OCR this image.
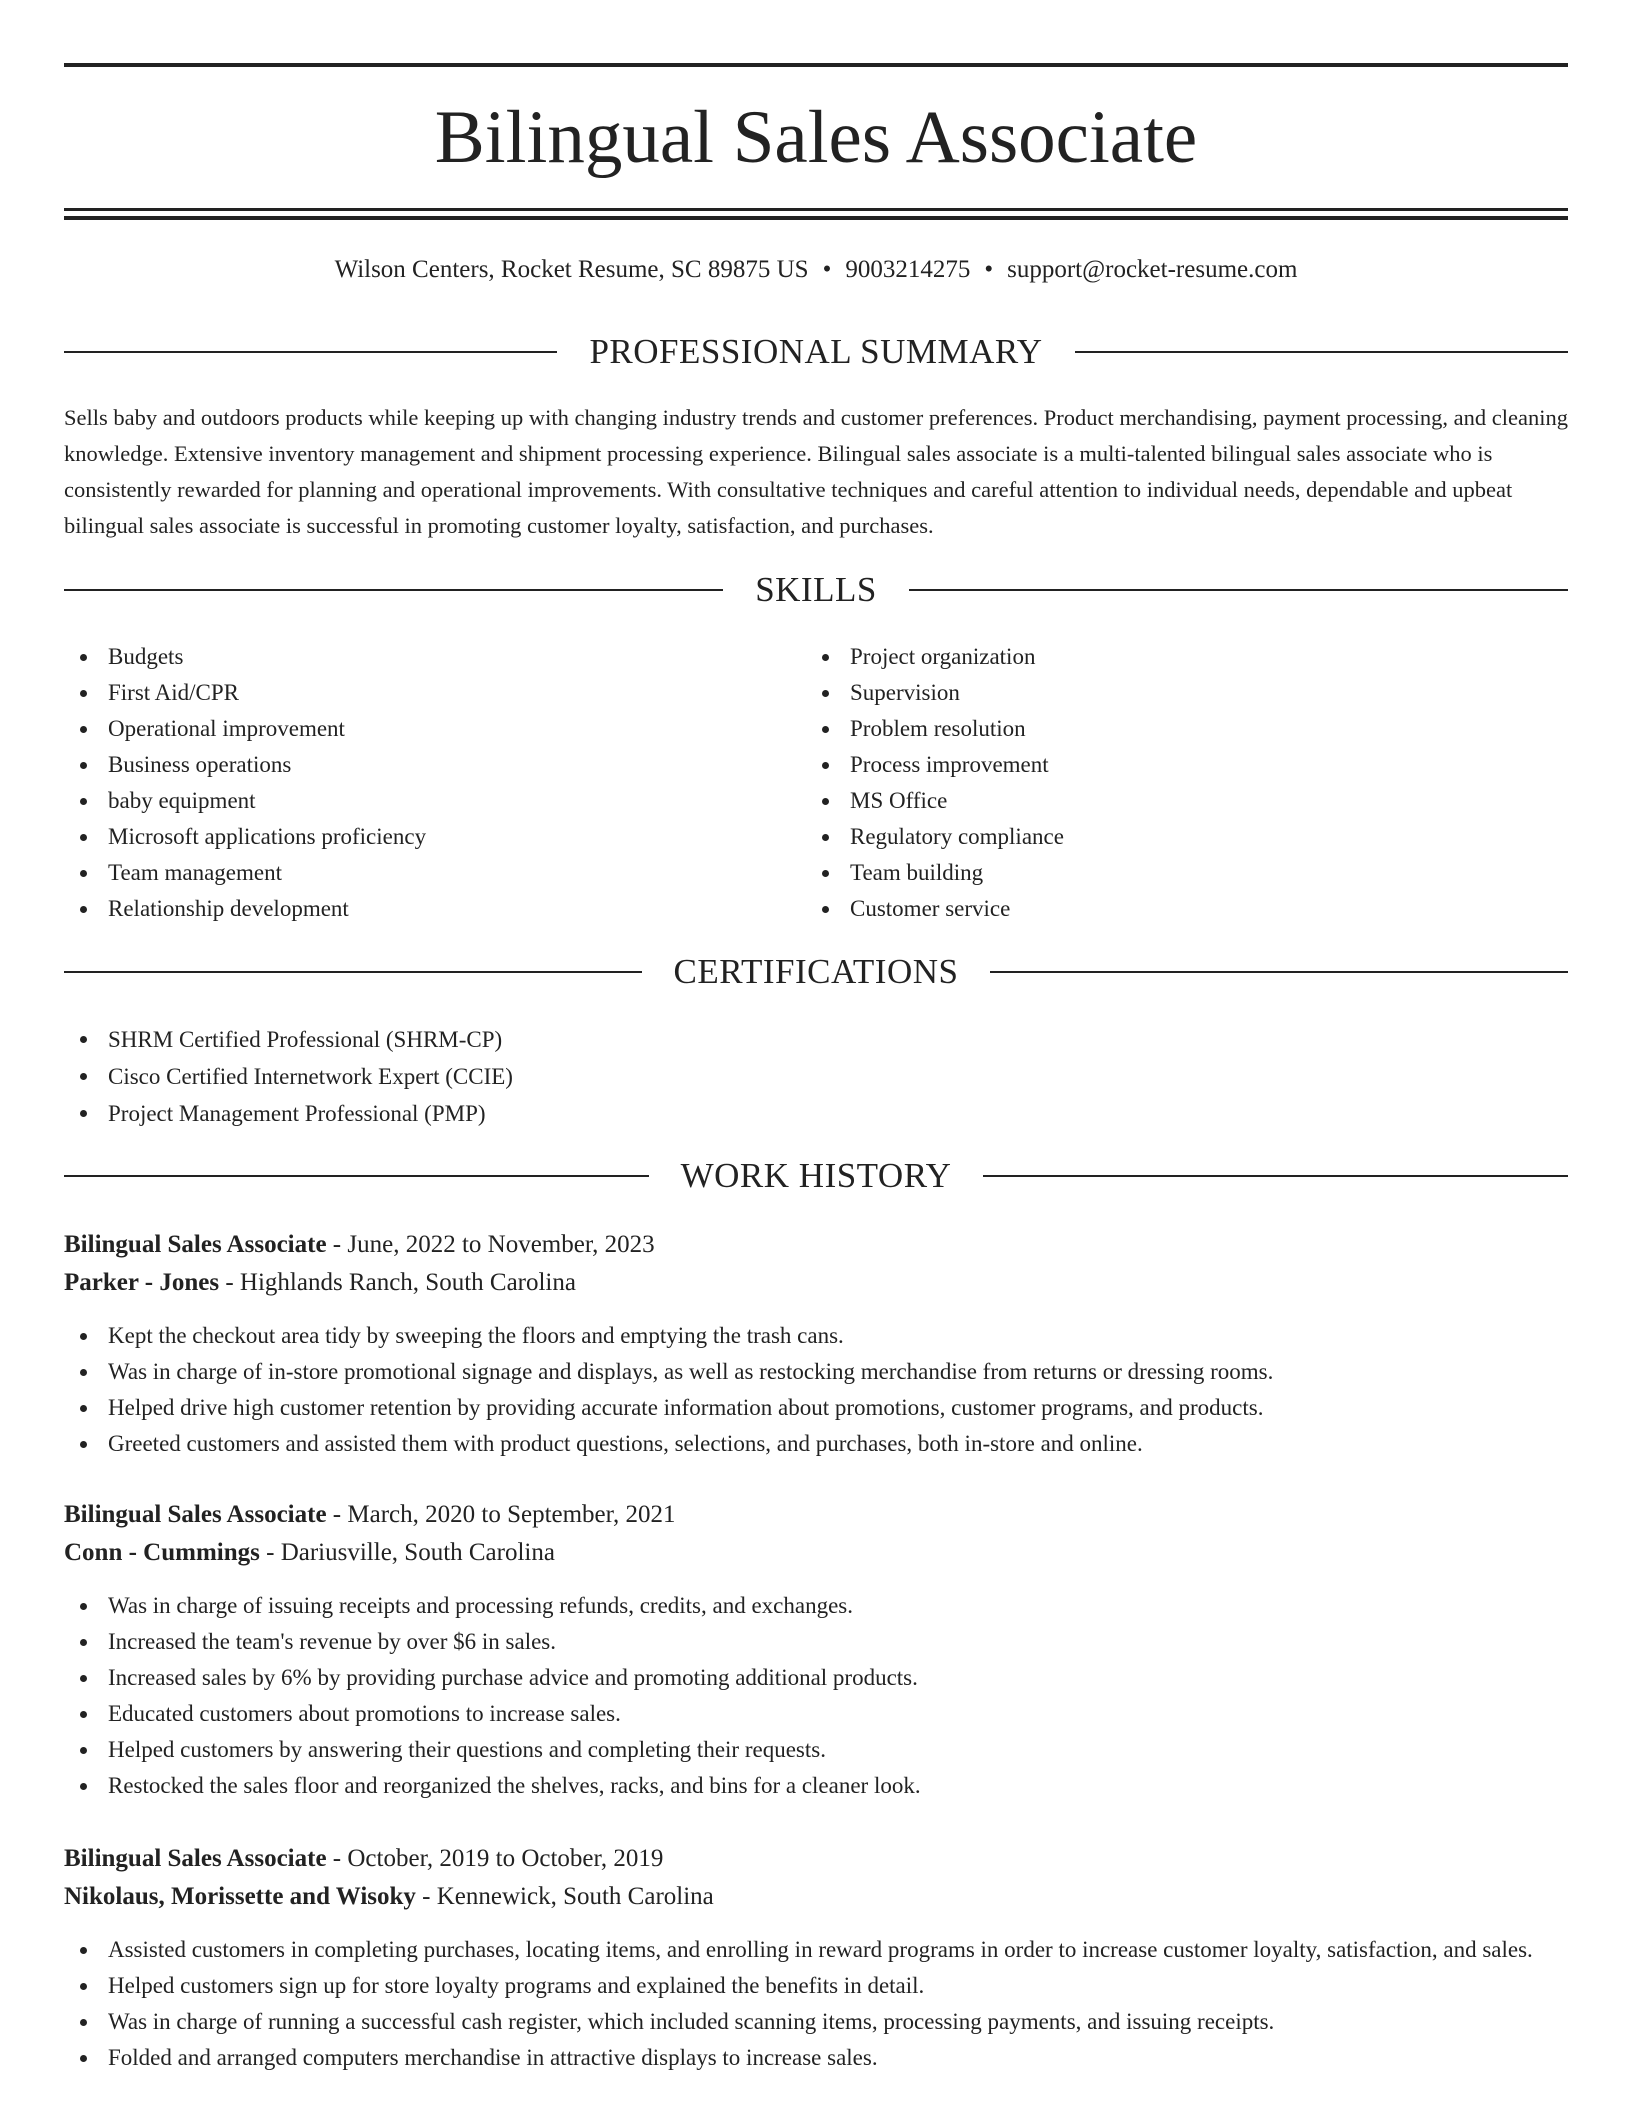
Bilingual Sales Associate
Wilson Centers, Rocket Resume, SC 89875 US • 9003214275 • support@rocket-resume.com
PROFESSIONAL SUMMARY

Sells baby and outdoors products while keeping up with changing industry trends and customer preferences. Product merchandising, payment processing, and cleaning knowledge. Extensive inventory management and shipment processing experience. Bilingual sales associate is a multi-talented bilingual sales associate who is consistently rewarded for planning and operational improvements. With consultative techniques and careful attention to individual needs, dependable and upbeat bilingual sales associate is successful in promoting customer loyalty, satisfaction, and purchases.

SKILLS
Budgets
First Aid/CPR
Operational improvement
Business operations
baby equipment
Microsoft applications proficiency
Team management
Relationship development
Project organization
Supervision
Problem resolution
Process improvement
MS Office
Regulatory compliance
Team building
Customer service
CERTIFICATIONS
SHRM Certified Professional (SHRM-CP)
Cisco Certified Internetwork Expert (CCIE)
Project Management Professional (PMP)
WORK HISTORY

Bilingual Sales Associate - June, 2022 to November, 2023

Parker - Jones - Highlands Ranch, South Carolina

Kept the checkout area tidy by sweeping the floors and emptying the trash cans.
Was in charge of in-store promotional signage and displays, as well as restocking merchandise from returns or dressing rooms.
Helped drive high customer retention by providing accurate information about promotions, customer programs, and products.
Greeted customers and assisted them with product questions, selections, and purchases, both in-store and online.

Bilingual Sales Associate - March, 2020 to September, 2021

Conn - Cummings - Dariusville, South Carolina

Was in charge of issuing receipts and processing refunds, credits, and exchanges.
Increased the team's revenue by over $6 in sales.
Increased sales by 6% by providing purchase advice and promoting additional products.
Educated customers about promotions to increase sales.
Helped customers by answering their questions and completing their requests.
Restocked the sales floor and reorganized the shelves, racks, and bins for a cleaner look.

Bilingual Sales Associate - October, 2019 to October, 2019

Nikolaus, Morissette and Wisoky - Kennewick, South Carolina

Assisted customers in completing purchases, locating items, and enrolling in reward programs in order to increase customer loyalty, satisfaction, and sales.
Helped customers sign up for store loyalty programs and explained the benefits in detail.
Was in charge of running a successful cash register, which included scanning items, processing payments, and issuing receipts.
Folded and arranged computers merchandise in attractive displays to increase sales.
